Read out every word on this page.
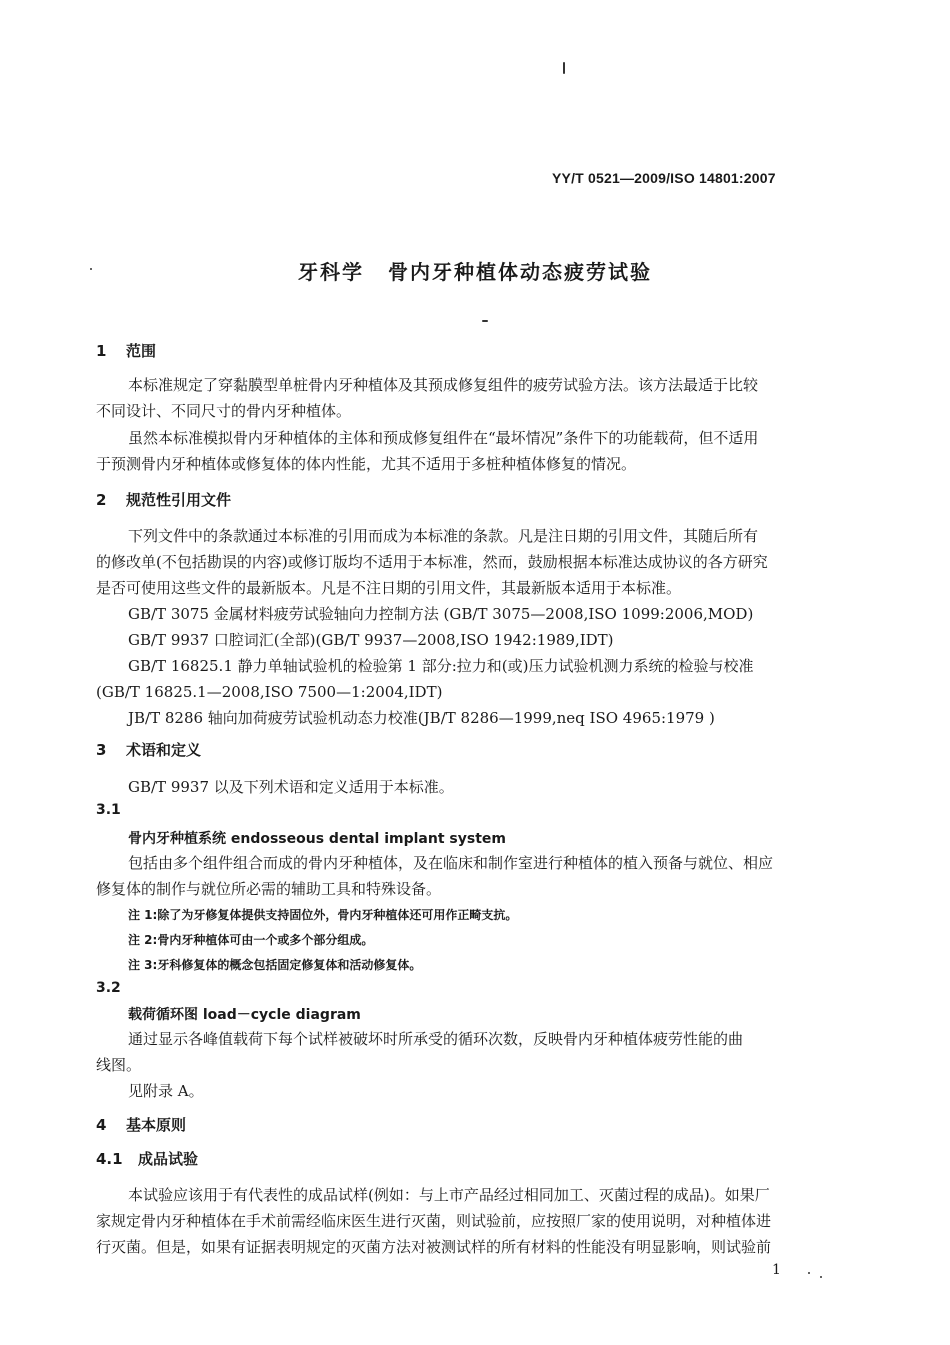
YY/T 0521—2009/ISO 14801:2007
牙科学 骨内牙种植体动态疲劳试验
1 范围
本标准规定了穿黏膜型单桩骨内牙种植体及其预成修复组件的疲劳试验方法。该方法最适于比较
不同设计、不同尺寸的骨内牙种植体。
虽然本标准模拟骨内牙种植体的主体和预成修复组件在“最坏情况”条件下的功能载荷，但不适用
于预测骨内牙种植体或修复体的体内性能，尤其不适用于多桩种植体修复的情况。
2 规范性引用文件
下列文件中的条款通过本标准的引用而成为本标准的条款。凡是注日期的引用文件，其随后所有
的修改单(不包括勘误的内容)或修订版均不适用于本标准，然而，鼓励根据本标准达成协议的各方研究
是否可使用这些文件的最新版本。凡是不注日期的引用文件，其最新版本适用于本标准。
GB/T 3075 金属材料疲劳试验轴向力控制方法 (GB/T 3075—2008,ISO 1099:2006,MOD)
GB/T 9937 口腔词汇(全部)(GB/T 9937—2008,ISO 1942:1989,IDT)
GB/T 16825.1 静力单轴试验机的检验第 1 部分:拉力和(或)压力试验机测力系统的检验与校准
(GB/T 16825.1—2008,ISO 7500—1:2004,IDT)
JB/T 8286 轴向加荷疲劳试验机动态力校准(JB/T 8286—1999,neq ISO 4965:1979 )
3 术语和定义
GB/T 9937 以及下列术语和定义适用于本标准。
3.1
骨内牙种植系统 endosseous dental implant system
包括由多个组件组合而成的骨内牙种植体，及在临床和制作室进行种植体的植入预备与就位、相应
修复体的制作与就位所必需的辅助工具和特殊设备。
注 1:除了为牙修复体提供支持固位外，骨内牙种植体还可用作正畸支抗。
注 2:骨内牙种植体可由一个或多个部分组成。
注 3:牙科修复体的概念包括固定修复体和活动修复体。
3.2
载荷循环图 load－cycle diagram
通过显示各峰值载荷下每个试样被破坏时所承受的循环次数，反映骨内牙种植体疲劳性能的曲
线图。
见附录 A。
4 基本原则
4.1 成品试验
本试验应该用于有代表性的成品试样(例如：与上市产品经过相同加工、灭菌过程的成品)。如果厂
家规定骨内牙种植体在手术前需经临床医生进行灭菌，则试验前，应按照厂家的使用说明，对种植体进
行灭菌。但是，如果有证据表明规定的灭菌方法对被测试样的所有材料的性能没有明显影响，则试验前
1
